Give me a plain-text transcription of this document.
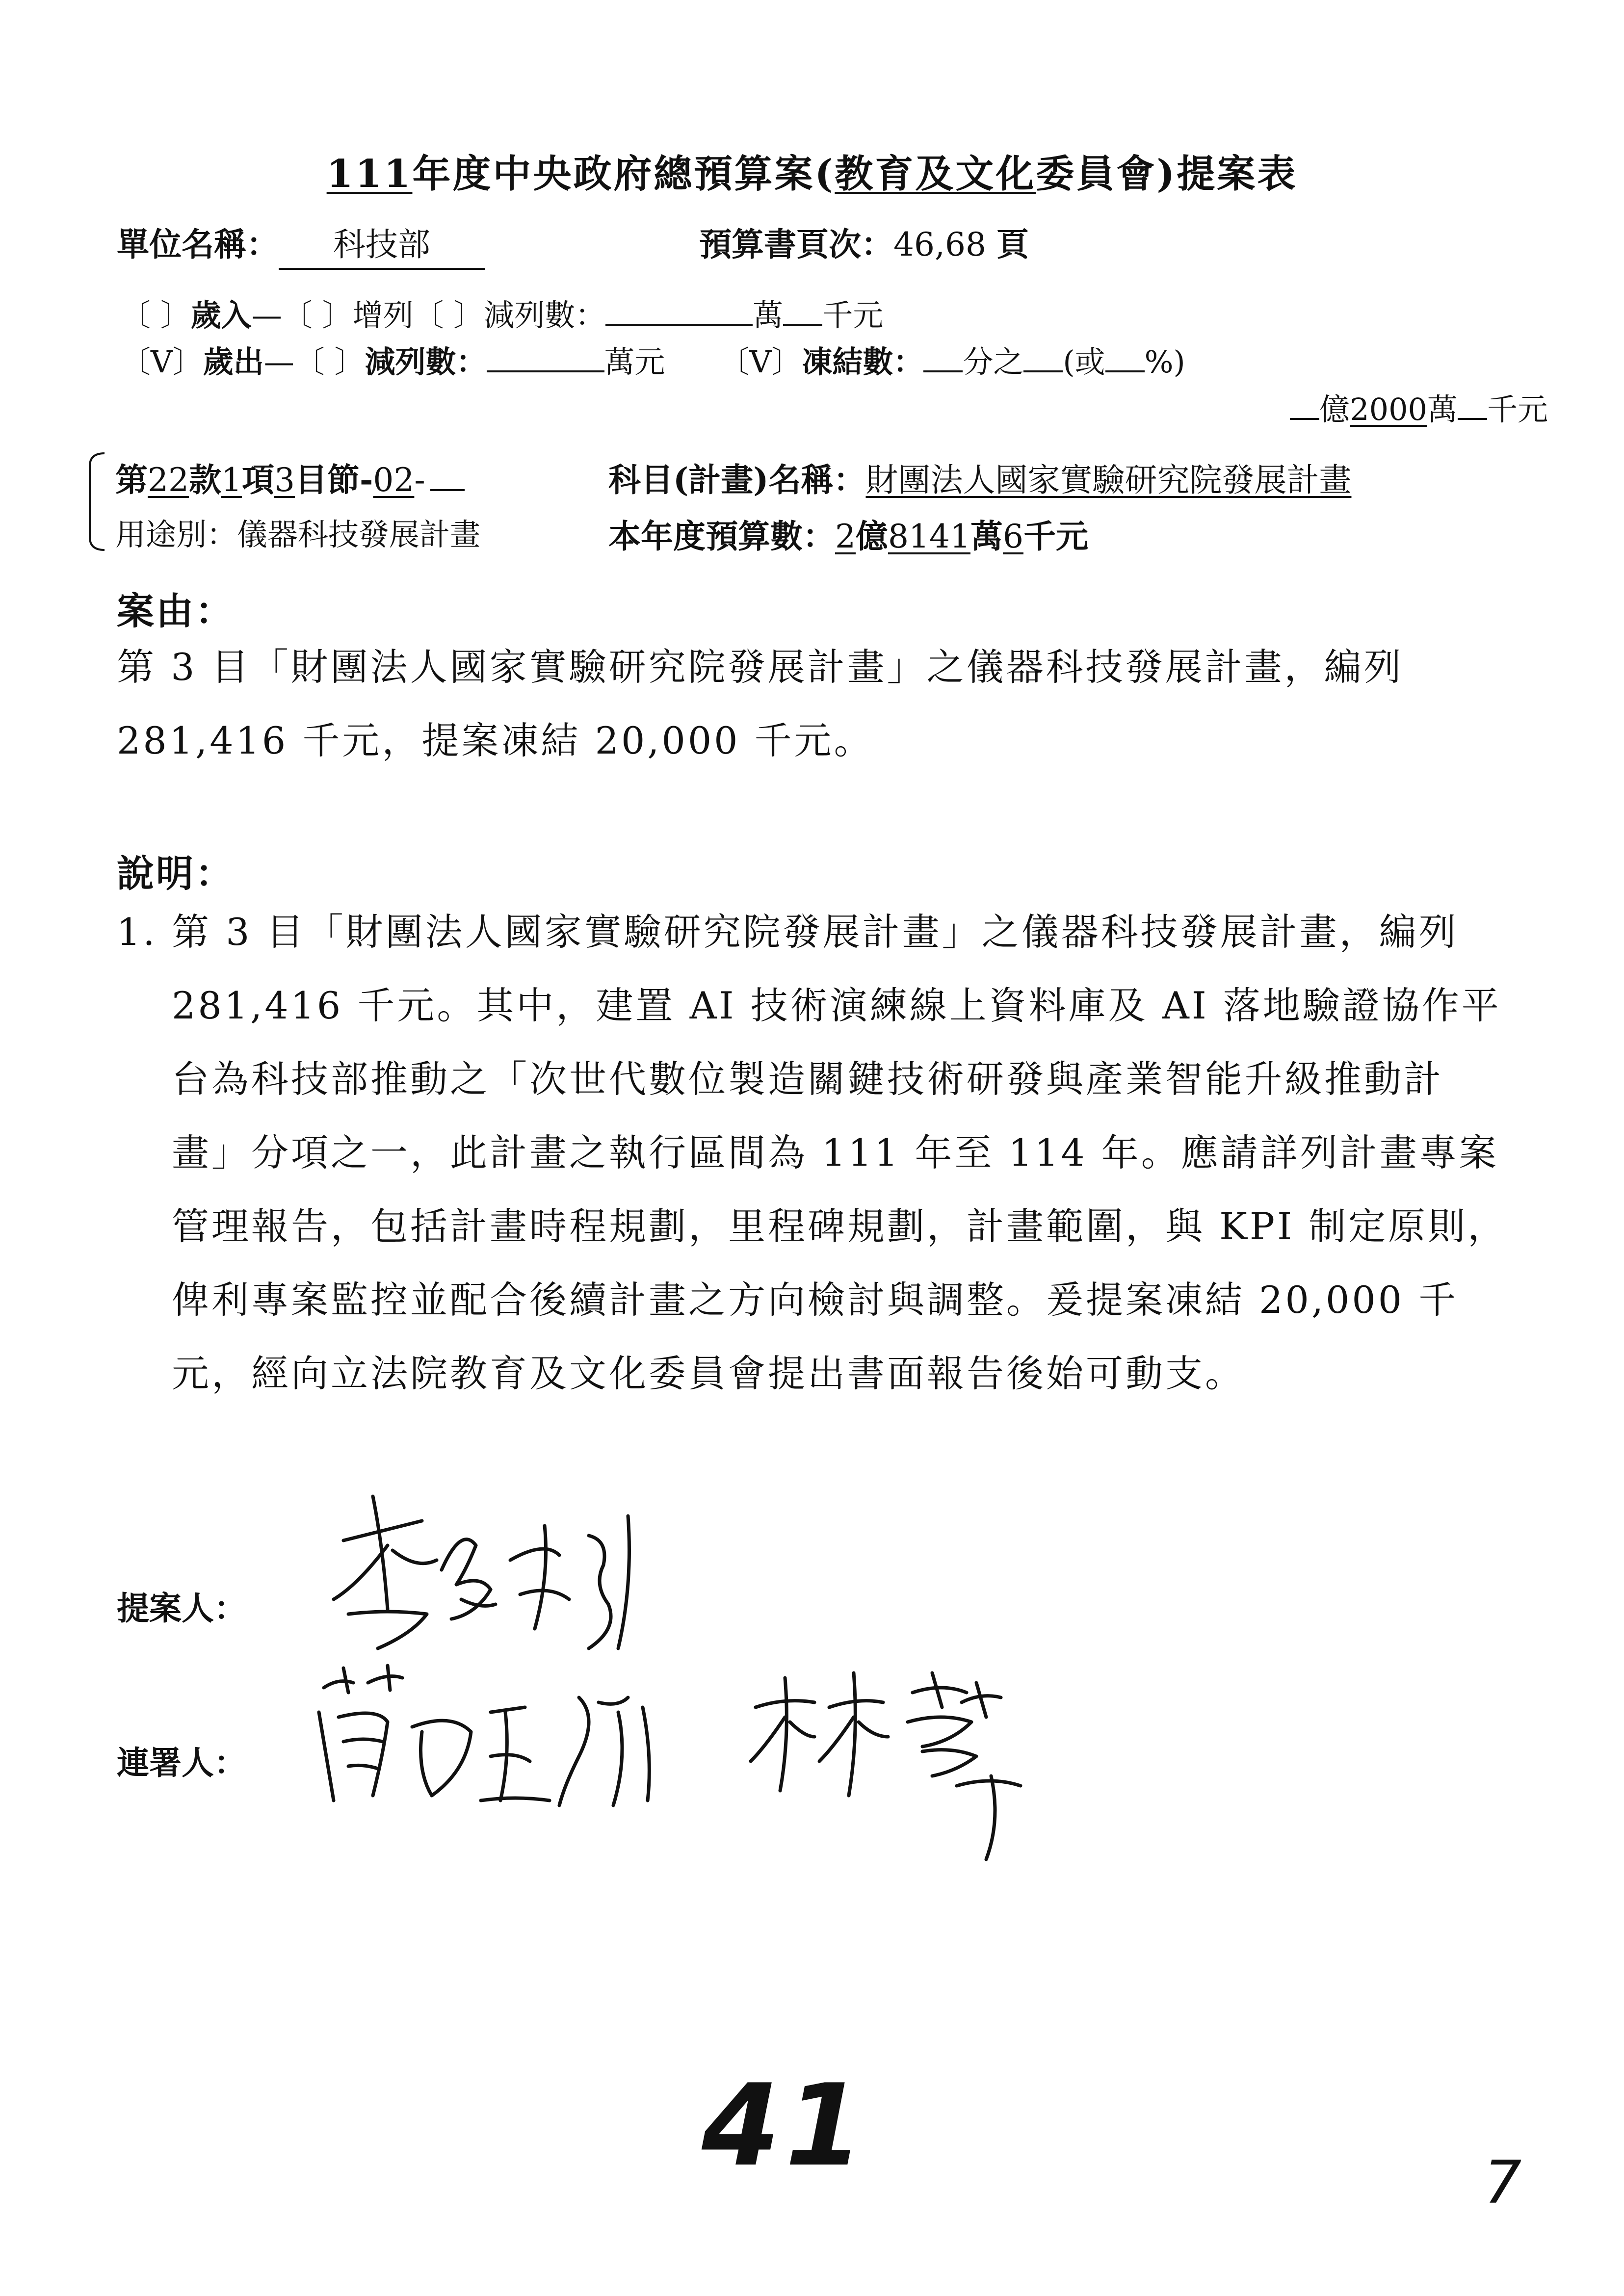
111年度中央政府總預算案(教育及文化委員會)提案表
單位名稱： 科技部	預算書頁次：46,68 頁
〔 〕歲入—〔 〕增列〔 〕減列數：	萬 千元
〔V〕歲出—〔 〕減列數：	萬元 〔V〕凍結數： 分之 (或 %)
億2000萬 千元
第22款1項3目節-02-	科目(計畫)名稱：財團法人國家實驗研究院發展計畫
用途別：儀器科技發展計畫	本年度預算數：2億8141萬6千元
案由：
第 3 目「財團法人國家實驗研究院發展計畫」之儀器科技發展計畫，編列
281,416 千元，提案凍結 20,000 千元。
說明：
1. 第 3 目「財團法人國家實驗研究院發展計畫」之儀器科技發展計畫，編列
281,416 千元。其中，建置 AI 技術演練線上資料庫及 AI 落地驗證協作平
台為科技部推動之「次世代數位製造關鍵技術研發與產業智能升級推動計
畫」分項之一，此計畫之執行區間為 111 年至 114 年。應請詳列計畫專案
管理報告，包括計畫時程規劃，里程碑規劃，計畫範圍，與 KPI 制定原則，
俾利專案監控並配合後續計畫之方向檢討與調整。爰提案凍結 20,000 千
元，經向立法院教育及文化委員會提出書面報告後始可動支。
提案人：
連署人：
41	7
